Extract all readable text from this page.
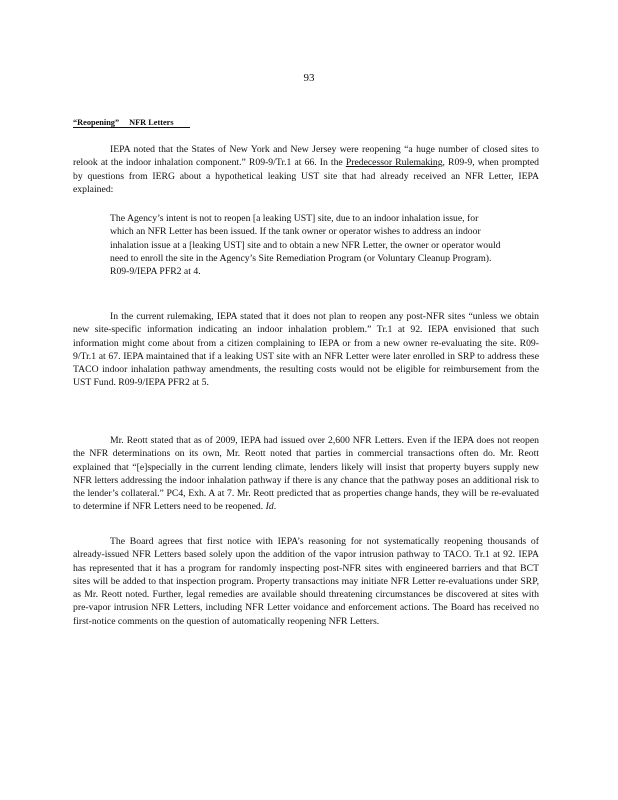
93
“Reopening” NFR Letters

IEPA noted that the States of New York and New Jersey were reopening “a huge number of closed sites to relook at the indoor inhalation component.” R09-9/Tr.1 at 66. In the Predecessor Rulemaking, R09-9, when prompted by questions from IERG about a hypothetical leaking UST site that had already received an NFR Letter, IEPA explained:

The Agency’s intent is not to reopen [a leaking UST] site, due to an indoor inhalation issue, for which an NFR Letter has been issued. If the tank owner or operator wishes to address an indoor inhalation issue at a [leaking UST] site and to obtain a new NFR Letter, the owner or operator would need to enroll the site in the Agency’s Site Remediation Program (or Voluntary Cleanup Program). R09-9/IEPA PFR2 at 4.

In the current rulemaking, IEPA stated that it does not plan to reopen any post-NFR sites “unless we obtain new site-specific information indicating an indoor inhalation problem.” Tr.1 at 92. IEPA envisioned that such information might come about from a citizen complaining to IEPA or from a new owner re-evaluating the site. R09-9/Tr.1 at 67. IEPA maintained that if a leaking UST site with an NFR Letter were later enrolled in SRP to address these TACO indoor inhalation pathway amendments, the resulting costs would not be eligible for reimbursement from the UST Fund. R09-9/IEPA PFR2 at 5.

Mr. Reott stated that as of 2009, IEPA had issued over 2,600 NFR Letters. Even if the IEPA does not reopen the NFR determinations on its own, Mr. Reott noted that parties in commercial transactions often do. Mr. Reott explained that “[e]specially in the current lending climate, lenders likely will insist that property buyers supply new NFR letters addressing the indoor inhalation pathway if there is any chance that the pathway poses an additional risk to the lender’s collateral.” PC4, Exh. A at 7. Mr. Reott predicted that as properties change hands, they will be re-evaluated to determine if NFR Letters need to be reopened. Id.

The Board agrees that first notice with IEPA’s reasoning for not systematically reopening thousands of already-issued NFR Letters based solely upon the addition of the vapor intrusion pathway to TACO. Tr.1 at 92. IEPA has represented that it has a program for randomly inspecting post-NFR sites with engineered barriers and that BCT sites will be added to that inspection program. Property transactions may initiate NFR Letter re-evaluations under SRP, as Mr. Reott noted. Further, legal remedies are available should threatening circumstances be discovered at sites with pre-vapor intrusion NFR Letters, including NFR Letter voidance and enforcement actions. The Board has received no first-notice comments on the question of automatically reopening NFR Letters.
